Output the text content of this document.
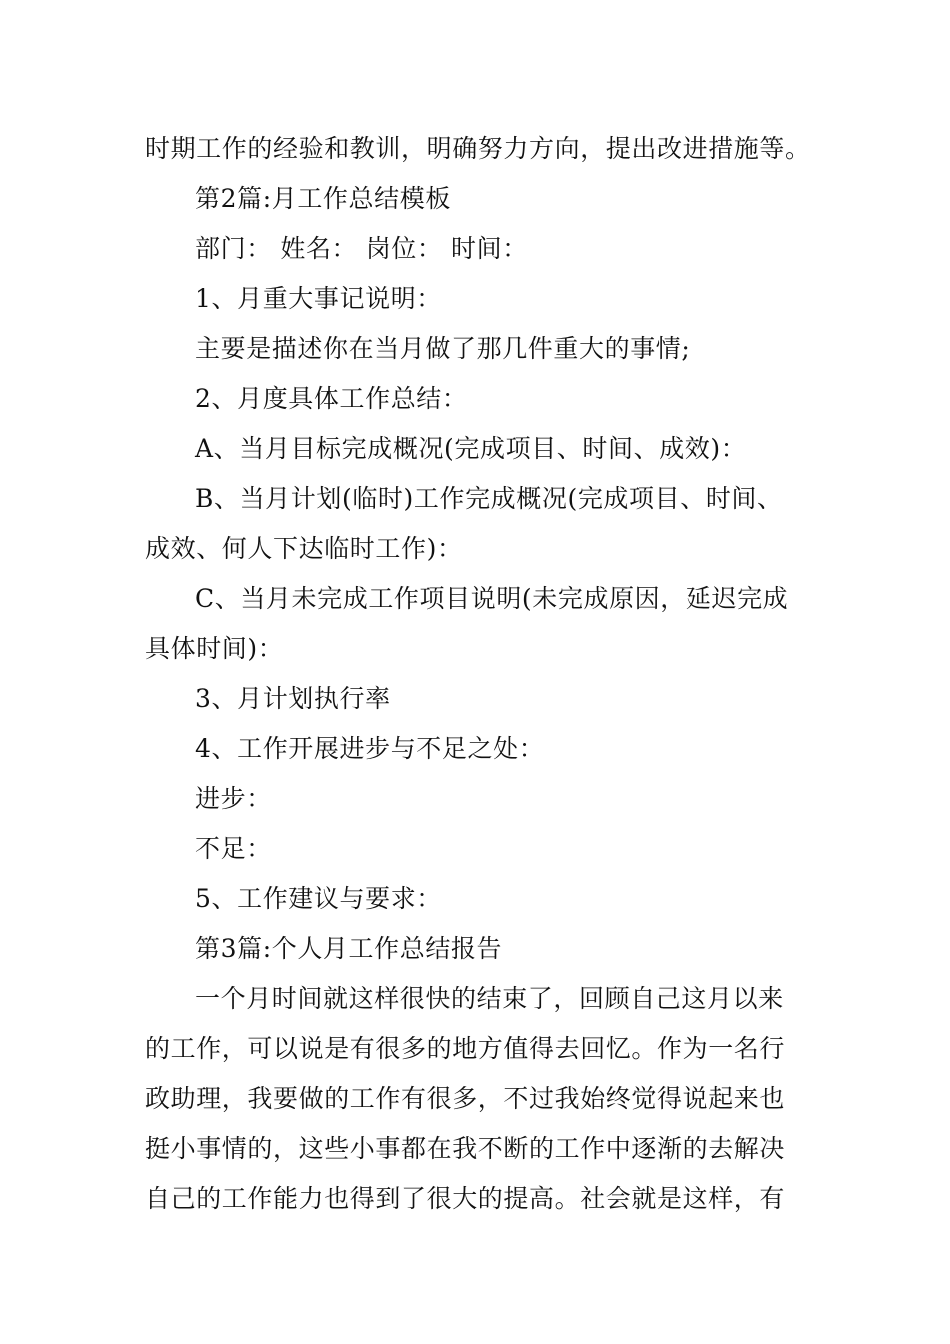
时期工作的经验和教训，明确努力方向，提出改进措施等。
第2篇:月工作总结模板
部门： 姓名： 岗位： 时间：
1、月重大事记说明：
主要是描述你在当月做了那几件重大的事情;
2、月度具体工作总结：
A、当月目标完成概况(完成项目、时间、成效)：
B、当月计划(临时)工作完成概况(完成项目、时间、
成效、何人下达临时工作)：
C、当月未完成工作项目说明(未完成原因，延迟完成
具体时间)：
3、月计划执行率
4、工作开展进步与不足之处：
进步：
不足：
5、工作建议与要求：
第3篇:个人月工作总结报告
一个月时间就这样很快的结束了，回顾自己这月以来
的工作，可以说是有很多的地方值得去回忆。作为一名行
政助理，我要做的工作有很多，不过我始终觉得说起来也
挺小事情的，这些小事都在我不断的工作中逐渐的去解决
自己的工作能力也得到了很大的提高。社会就是这样，有
